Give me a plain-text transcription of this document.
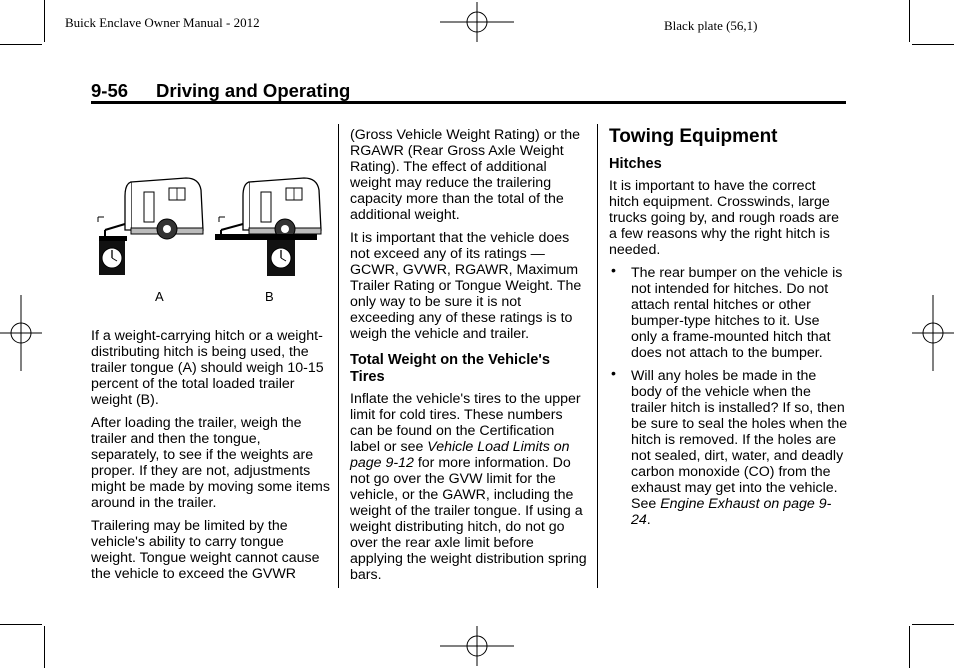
Buick Enclave Owner Manual - 2012	Black plate (56,1)
9-56 Driving and Operating
A	B

If a weight-carrying hitch or a weight-distributing hitch is being used, the trailer tongue (A) should weigh 10-15 percent of the total loaded trailer weight (B).

After loading the trailer, weigh the trailer and then the tongue, separately, to see if the weights are proper. If they are not, adjustments might be made by moving some items around in the trailer.

Trailering may be limited by the vehicle's ability to carry tongue weight. Tongue weight cannot cause the vehicle to exceed the GVWR

(Gross Vehicle Weight Rating) or the RGAWR (Rear Gross Axle Weight Rating). The effect of additional weight may reduce the trailering capacity more than the total of the additional weight.

It is important that the vehicle does not exceed any of its ratings — GCWR, GVWR, RGAWR, Maximum Trailer Rating or Tongue Weight. The only way to be sure it is not exceeding any of these ratings is to weigh the vehicle and trailer.

Total Weight on the Vehicle's Tires

Inflate the vehicle's tires to the upper limit for cold tires. These numbers can be found on the Certification label or see Vehicle Load Limits on page 9-12 for more information. Do not go over the GVW limit for the vehicle, or the GAWR, including the weight of the trailer tongue. If using a weight distributing hitch, do not go over the rear axle limit before applying the weight distribution spring bars.

Towing Equipment
Hitches

It is important to have the correct hitch equipment. Crosswinds, large trucks going by, and rough roads are a few reasons why the right hitch is needed.

• The rear bumper on the vehicle is not intended for hitches. Do not attach rental hitches or other bumper-type hitches to it. Use only a frame-mounted hitch that does not attach to the bumper.
• Will any holes be made in the body of the vehicle when the trailer hitch is installed? If so, then be sure to seal the holes when the hitch is removed. If the holes are not sealed, dirt, water, and deadly carbon monoxide (CO) from the exhaust may get into the vehicle. See Engine Exhaust on page 9-24.
